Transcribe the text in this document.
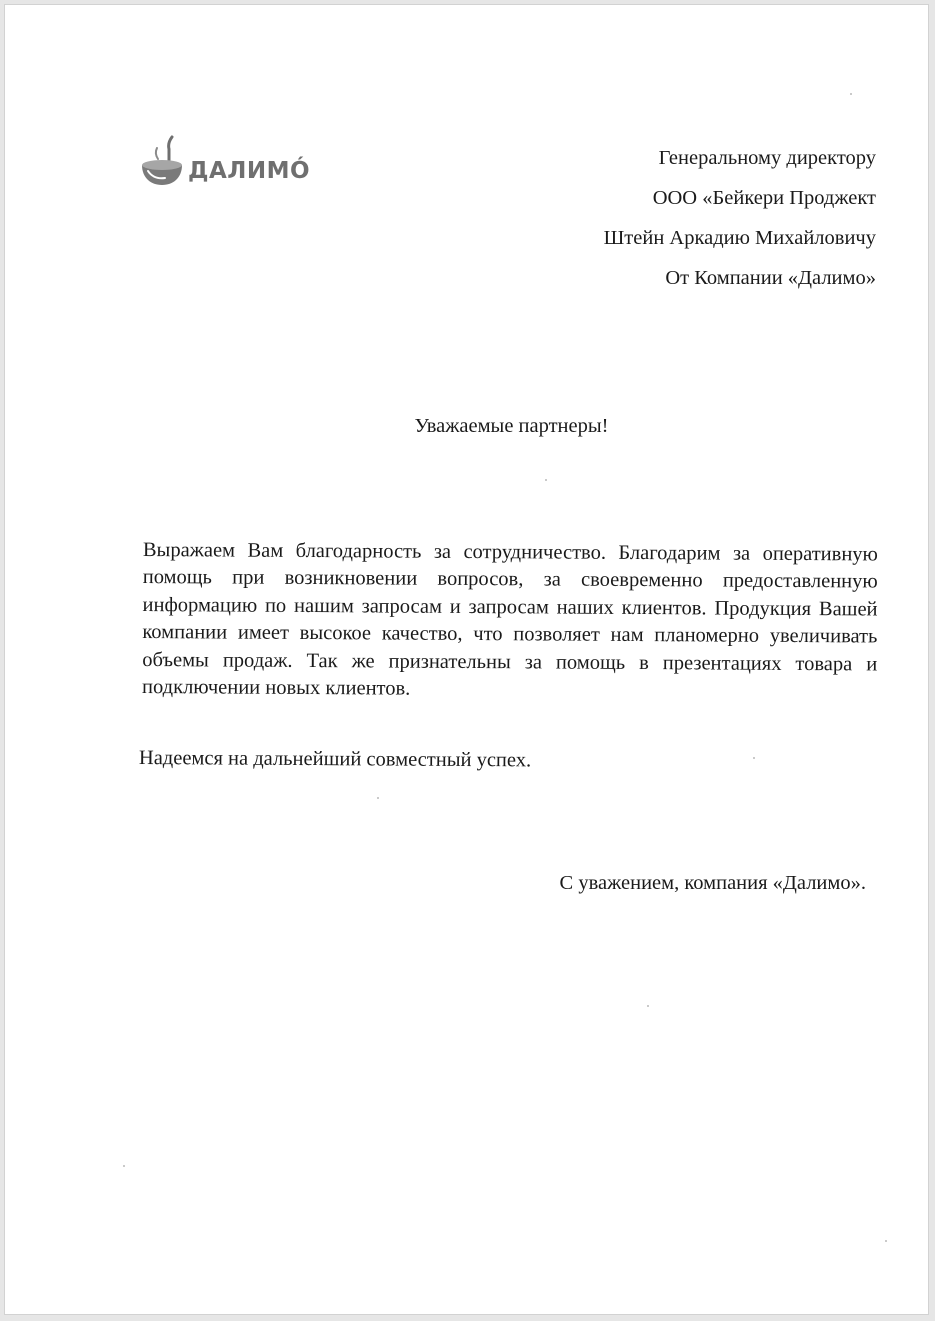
ДАЛИМÓ	Генеральному директору
ООО «Бейкери Проджект
Штейн Аркадию Михайловичу
От Компании «Далимо»
Уважаемые партнеры!
Выражаем Вам благодарность за сотрудничество. Благодарим за оперативную помощь при возникновении вопросов, за своевременно предоставленную информацию по нашим запросам и запросам наших клиентов. Продукция Вашей компании имеет высокое качество, что позволяет нам планомерно увеличивать объемы продаж. Так же признательны за помощь в презентациях товара и подключении новых клиентов.
Надеемся на дальнейший совместный успех.
С уважением, компания «Далимо».
